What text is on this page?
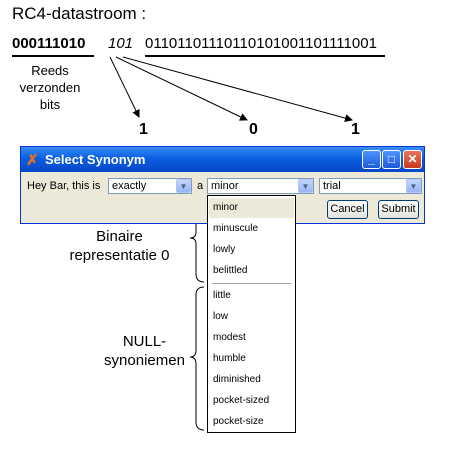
RC4-datastroom :
000111010 101 01101101110110101001101111001
Reeds
verzonden
bits
1	0	1
✗ Select Synonym	_	□	✕
Hey Bar, this is exactly	▼ a minor	▼	trial	▼
Cancel	Submit
minor
minuscule
lowly
belittled
little
low
modest
humble
diminished
pocket-sized
pocket-size
Binaire
representatie 0
NULL-
synoniemen
